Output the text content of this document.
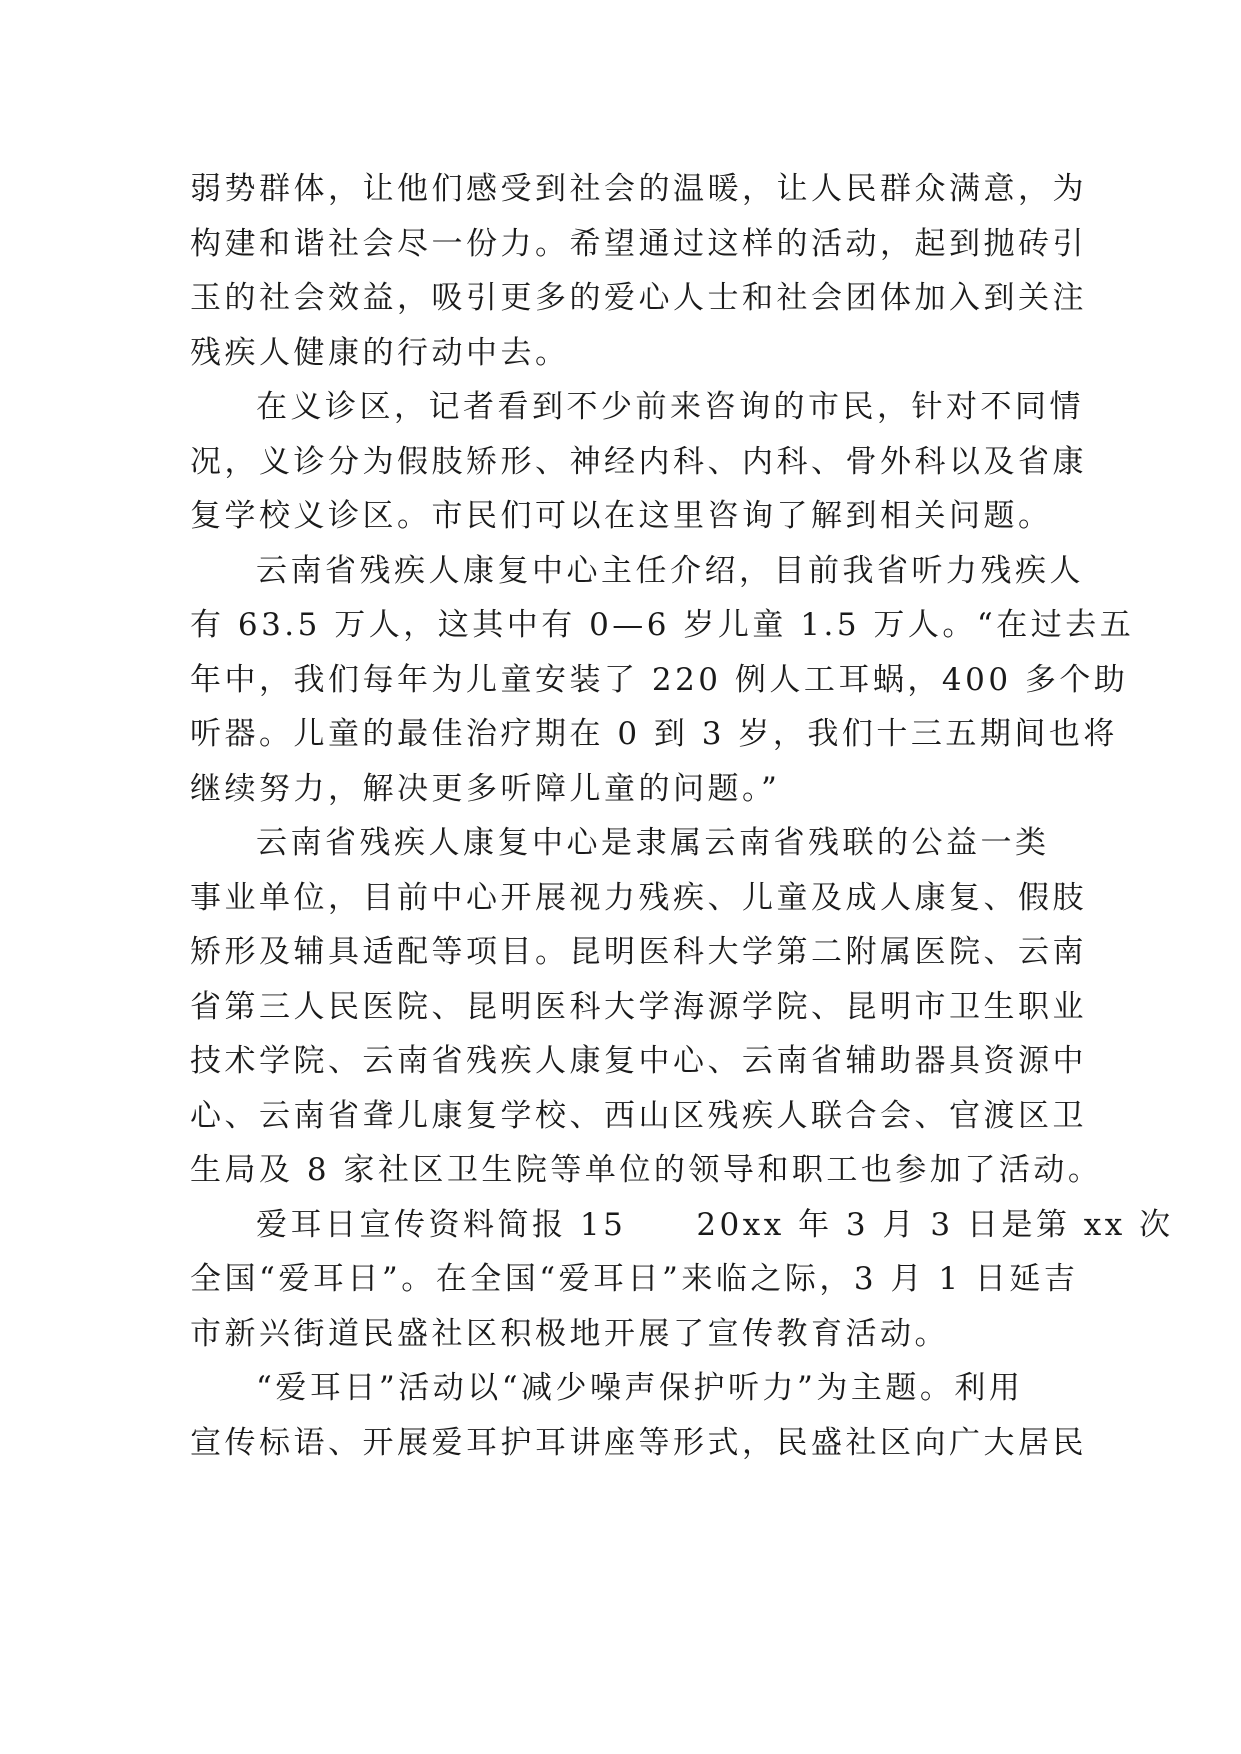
弱势群体，让他们感受到社会的温暖，让人民群众满意，为
构建和谐社会尽一份力。希望通过这样的活动，起到抛砖引
玉的社会效益，吸引更多的爱心人士和社会团体加入到关注
残疾人健康的行动中去。
在义诊区，记者看到不少前来咨询的市民，针对不同情
况，义诊分为假肢矫形、神经内科、内科、骨外科以及省康
复学校义诊区。市民们可以在这里咨询了解到相关问题。
云南省残疾人康复中心主任介绍，目前我省听力残疾人
有 63.5 万人，这其中有 0—6 岁儿童 1.5 万人。“在过去五
年中，我们每年为儿童安装了 220 例人工耳蜗，400 多个助
听器。儿童的最佳治疗期在 0 到 3 岁，我们十三五期间也将
继续努力，解决更多听障儿童的问题。”
云南省残疾人康复中心是隶属云南省残联的公益一类
事业单位，目前中心开展视力残疾、儿童及成人康复、假肢
矫形及辅具适配等项目。昆明医科大学第二附属医院、云南
省第三人民医院、昆明医科大学海源学院、昆明市卫生职业
技术学院、云南省残疾人康复中心、云南省辅助器具资源中
心、云南省聋儿康复学校、西山区残疾人联合会、官渡区卫
生局及 8 家社区卫生院等单位的领导和职工也参加了活动。
爱耳日宣传资料简报 15 20xx 年 3 月 3 日是第 xx 次
全国“爱耳日”。在全国“爱耳日”来临之际，3 月 1 日延吉
市新兴街道民盛社区积极地开展了宣传教育活动。
“爱耳日”活动以“减少噪声保护听力”为主题。利用
宣传标语、开展爱耳护耳讲座等形式，民盛社区向广大居民
